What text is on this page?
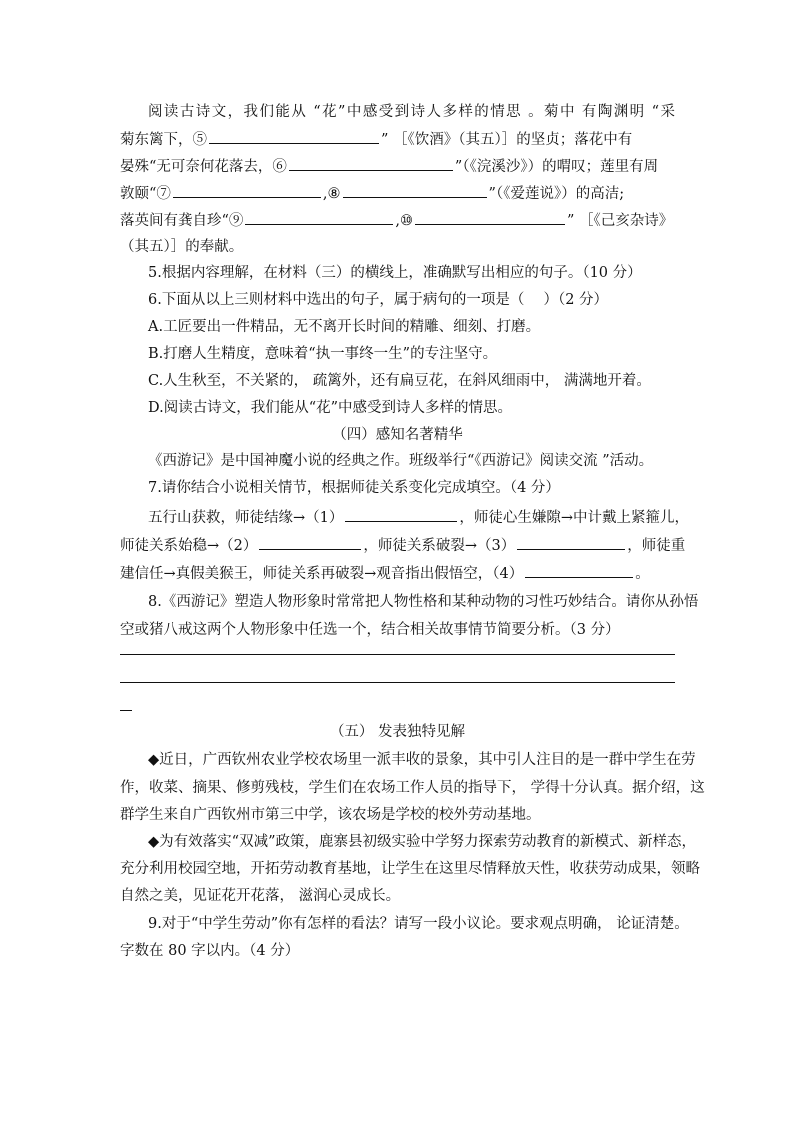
阅读古诗文，我们能从 “花”中感受到诗人多样的情思 。菊中 有陶渊明 “采
菊东篱下，⑤	” ［《饮酒》（其五）］的坚贞；落花中有
晏殊“无可奈何花落去，⑥	”（《浣溪沙》）的喟叹；莲里有周
敦颐“⑦	,⑧	”（《爱莲说》）的高洁;
落英间有龚自珍“⑨	,⑩	” ［《己亥杂诗》
（其五）］的奉献。
5.根据内容理解，在材料（三）的横线上，准确默写出相应的句子。（10 分）
6.下面从以上三则材料中选出的句子，属于病句的一项是（　 ）（2 分）
A.工匠要出一件精品，无不离开长时间的精雕、细刻、打磨。
B.打磨人生精度，意味着“执一事终一生”的专注坚守。
C.人生秋至，不关紧的， 疏篱外，还有扁豆花，在斜风细雨中， 满满地开着。
D.阅读古诗文，我们能从“花”中感受到诗人多样的情思。
（四）感知名著精华
《西游记》是中国神魔小说的经典之作。班级举行“《西游记》阅读交流 ”活动。
7.请你结合小说相关情节，根据师徒关系变化完成填空。（4 分）
五行山获救，师徒结缘→（1）	，师徒心生嫌隙→中计戴上紧箍儿，
师徒关系始稳→（2）	，师徒关系破裂→（3）	，师徒重
建信任→真假美猴王，师徒关系再破裂→观音指出假悟空，（4）	。
8.《西游记》塑造人物形象时常常把人物性格和某种动物的习性巧妙结合。请你从孙悟
空或猪八戒这两个人物形象中任选一个，结合相关故事情节简要分析。（3 分）
（五） 发表独特见解
◆近日，广西钦州农业学校农场里一派丰收的景象，其中引人注目的是一群中学生在劳
作，收菜、摘果、修剪残枝，学生们在农场工作人员的指导下， 学得十分认真。据介绍，这
群学生来自广西钦州市第三中学，该农场是学校的校外劳动基地。
◆为有效落实“双减”政策，鹿寨县初级实验中学努力探索劳动教育的新模式、新样态，
充分利用校园空地，开拓劳动教育基地，让学生在这里尽情释放天性，收获劳动成果，领略
自然之美，见证花开花落， 滋润心灵成长。
9.对于“中学生劳动”你有怎样的看法？请写一段小议论。要求观点明确， 论证清楚。
字数在 80 字以内。（4 分）
